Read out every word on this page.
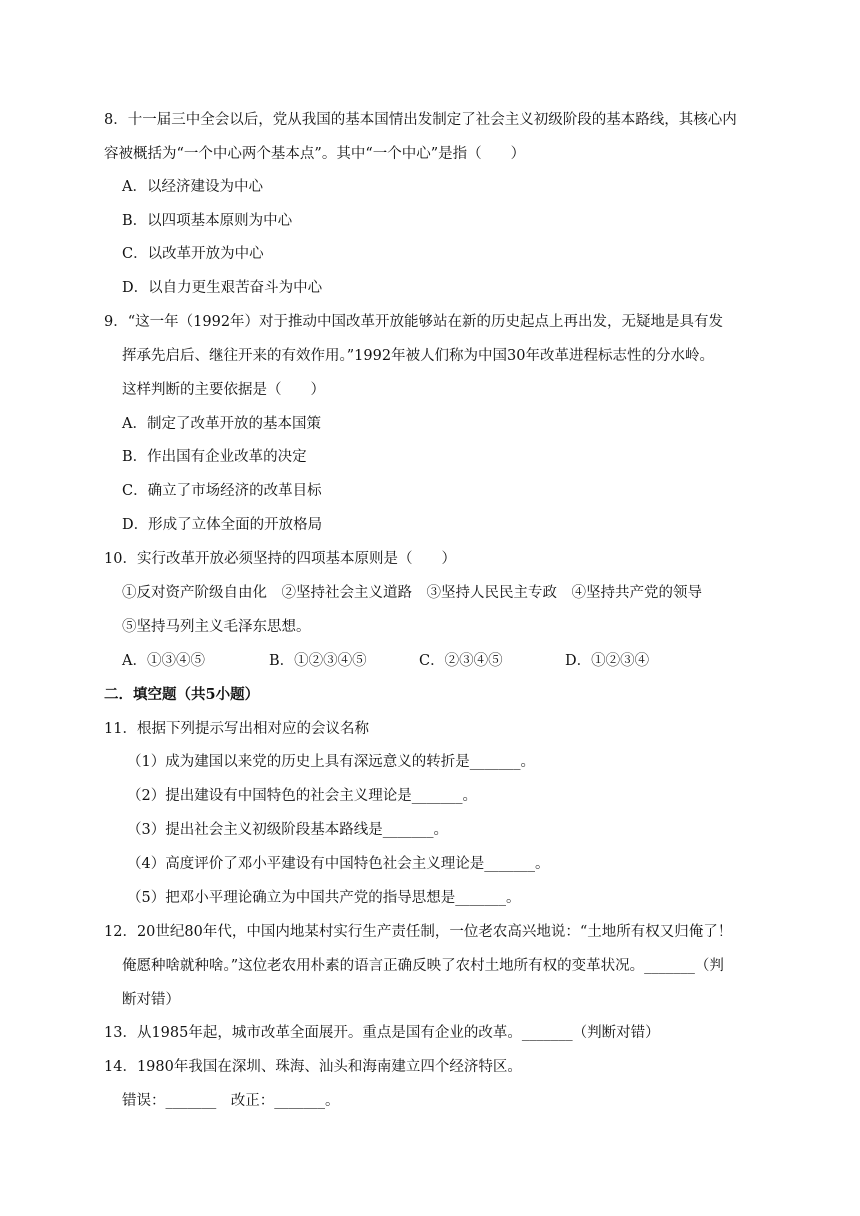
8．十一届三中全会以后，党从我国的基本国情出发制定了社会主义初级阶段的基本路线，其核心内
容被概括为“一个中心两个基本点”。其中“一个中心”是指（　　）
A．以经济建设为中心
B．以四项基本原则为中心
C．以改革开放为中心
D．以自力更生艰苦奋斗为中心
9．“这一年（1992年）对于推动中国改革开放能够站在新的历史起点上再出发，无疑地是具有发
挥承先启后、继往开来的有效作用。”1992年被人们称为中国30年改革进程标志性的分水岭。
这样判断的主要依据是（　　）
A．制定了改革开放的基本国策
B．作出国有企业改革的决定
C．确立了市场经济的改革目标
D．形成了立体全面的开放格局
10．实行改革开放必须坚持的四项基本原则是（　　）
①反对资产阶级自由化　②坚持社会主义道路　③坚持人民民主专政　④坚持共产党的领导
⑤坚持马列主义毛泽东思想。
A．①③④⑤	B．①②③④⑤	C．②③④⑤	D．①②③④
二．填空题（共5小题）
11．根据下列提示写出相对应的会议名称
（1）成为建国以来党的历史上具有深远意义的转折是_______。
（2）提出建设有中国特色的社会主义理论是_______。
（3）提出社会主义初级阶段基本路线是_______。
（4）高度评价了邓小平建设有中国特色社会主义理论是_______。
（5）把邓小平理论确立为中国共产党的指导思想是_______。
12．20世纪80年代，中国内地某村实行生产责任制，一位老农高兴地说：“土地所有权又归俺了！
俺愿种啥就种啥。”这位老农用朴素的语言正确反映了农村土地所有权的变革状况。_______（判
断对错）
13．从1985年起，城市改革全面展开。重点是国有企业的改革。_______（判断对错）
14．1980年我国在深圳、珠海、汕头和海南建立四个经济特区。
错误：_______　改正：_______。
